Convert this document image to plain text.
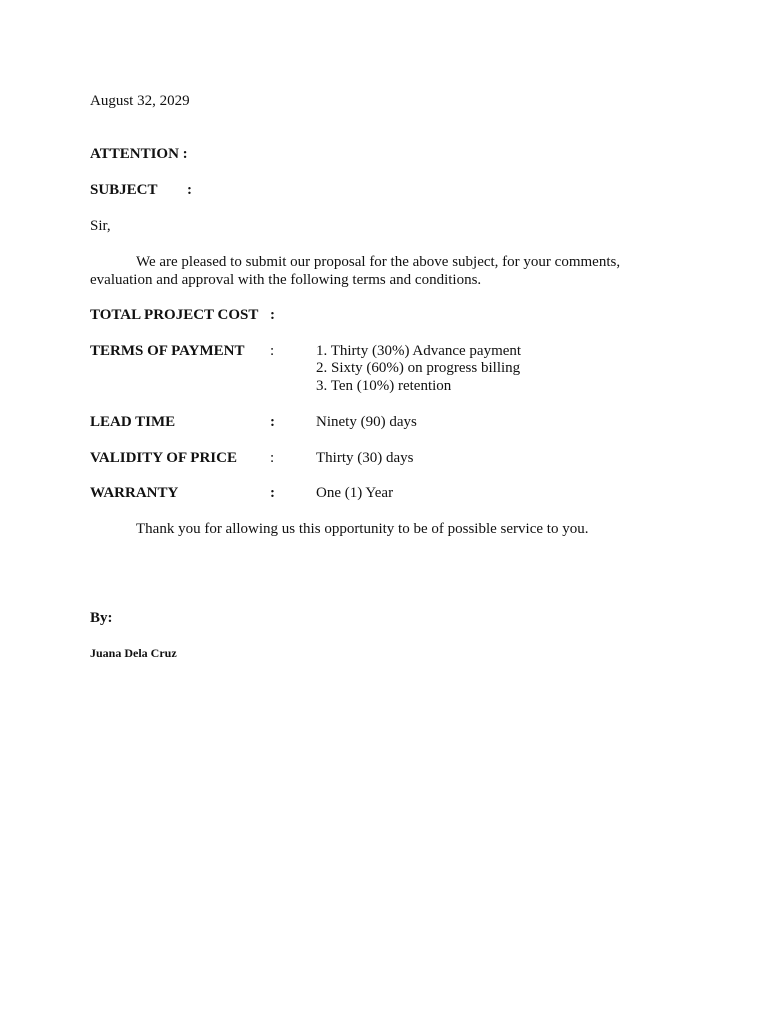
August 32, 2029
ATTENTION :
SUBJECT :
Sir,
We are pleased to submit our proposal for the above subject, for your comments, evaluation and approval with the following terms and conditions.
TOTAL PROJECT COST :
TERMS OF PAYMENT :	1. Thirty (30%) Advance payment
2. Sixty (60%) on progress billing
3. Ten (10%) retention
LEAD TIME	:	Ninety (90) days
VALIDITY OF PRICE :	Thirty (30) days
WARRANTY	:	One (1) Year
Thank you for allowing us this opportunity to be of possible service to you.
By:
Juana Dela Cruz
